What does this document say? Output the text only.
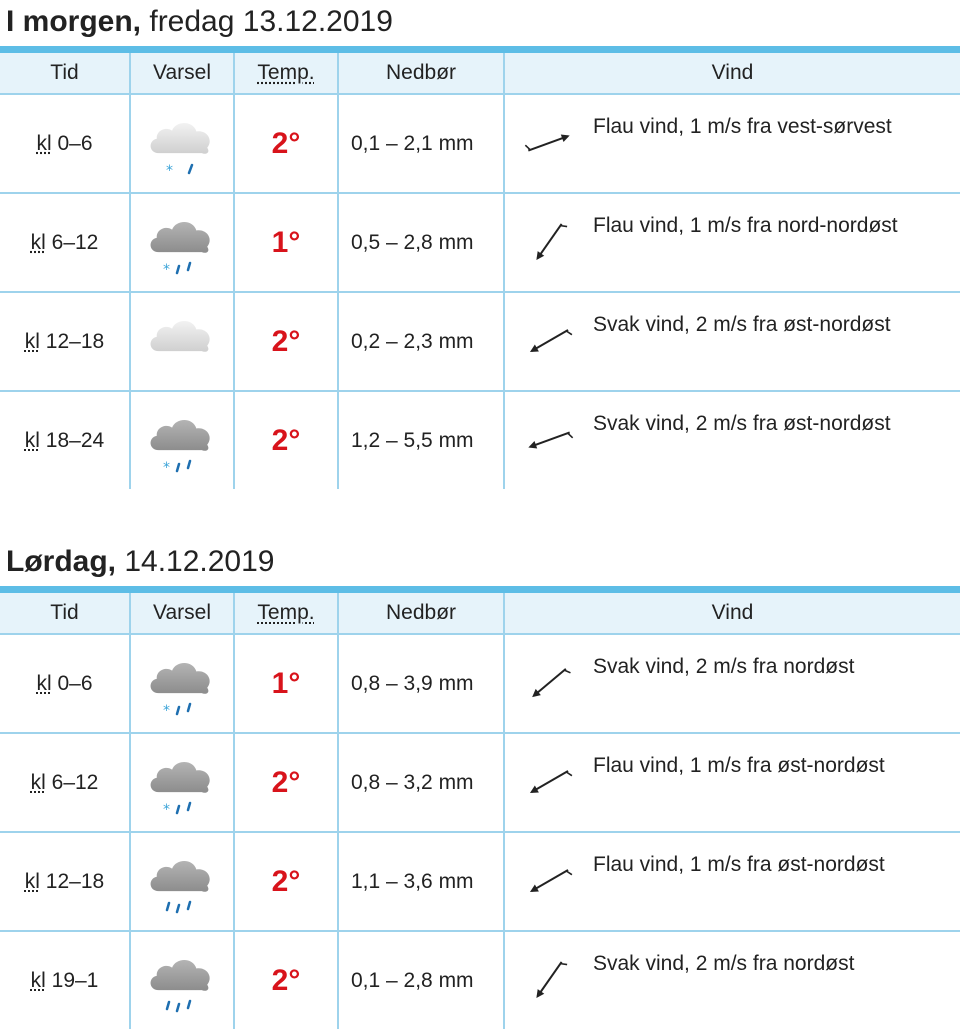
I morgen, fredag 13.12.2019
Tid	Varsel	Temp.	Nedbør	Vind
kl 0–6	*	2°	0,1 – 2,1 mm	Flau vind, 1 m/s fra vest-sørvest

kl 6–12	*	1°	0,5 – 2,8 mm	Flau vind, 1 m/s fra nord-nordøst

kl 12–18		2°	0,2 – 2,3 mm	Svak vind, 2 m/s fra øst-nordøst

kl 18–24	*	2°	1,2 – 5,5 mm	Svak vind, 2 m/s fra øst-nordøst
Lørdag, 14.12.2019
Tid	Varsel	Temp.	Nedbør	Vind
kl 0–6	*	1°	0,8 – 3,9 mm	Svak vind, 2 m/s fra nordøst

kl 6–12	*	2°	0,8 – 3,2 mm	Flau vind, 1 m/s fra øst-nordøst

kl 12–18		2°	1,1 – 3,6 mm	Flau vind, 1 m/s fra øst-nordøst

kl 19–1		2°	0,1 – 2,8 mm	Svak vind, 2 m/s fra nordøst
